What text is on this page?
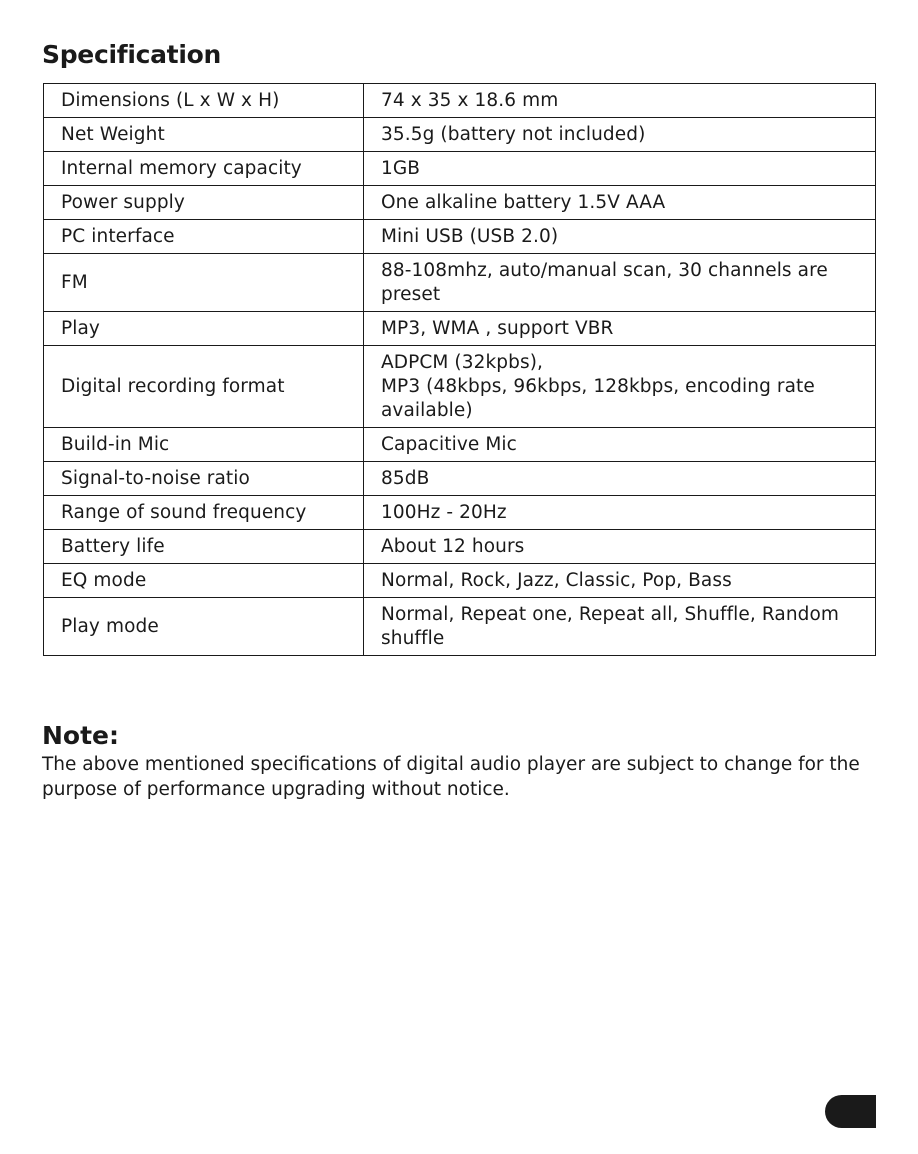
Specification
Dimensions (L x W x H)	74 x 35 x 18.6 mm
Net Weight	35.5g (battery not included)
Internal memory capacity	1GB
Power supply	One alkaline battery 1.5V AAA
PC interface	Mini USB (USB 2.0)
FM	88-108mhz, auto/manual scan, 30 channels are preset
Play	MP3, WMA , support VBR
Digital recording format	ADPCM (32kpbs),
MP3 (48kbps, 96kbps, 128kbps, encoding rate available)
Build-in Mic	Capacitive Mic
Signal-to-noise ratio	85dB
Range of sound frequency	100Hz - 20Hz
Battery life	About 12 hours
EQ mode	Normal, Rock, Jazz, Classic, Pop, Bass
Play mode	Normal, Repeat one, Repeat all, Shuffle, Random shuffle
Note:

The above mentioned specifications of digital audio player are subject to change for the purpose of performance upgrading without notice.
